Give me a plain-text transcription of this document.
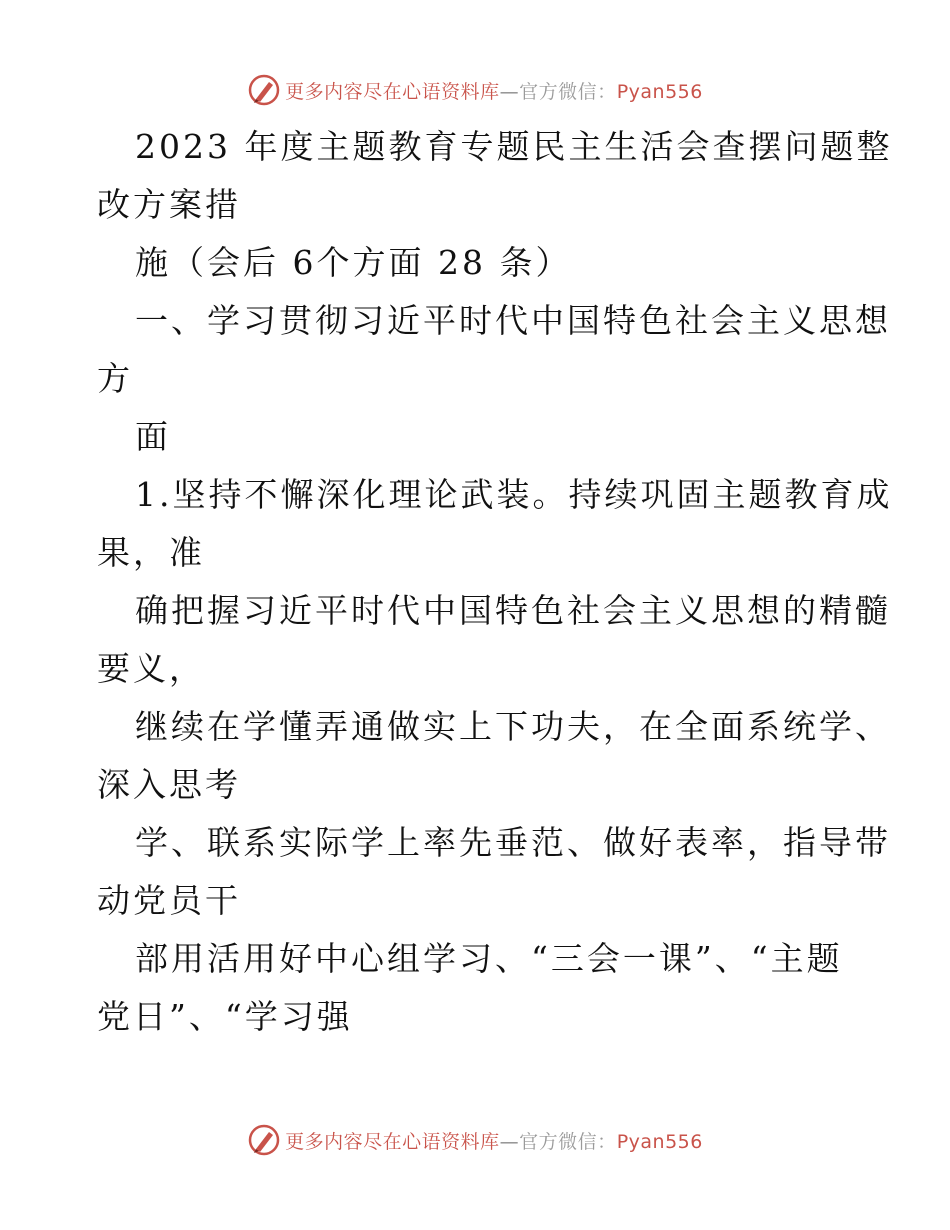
更多内容尽在心语资料库—官方微信：Pyan556
2023 年度主题教育专题民主生活会查摆问题整
改方案措
施（会后 6个方面 28 条）
一、学习贯彻习近平时代中国特色社会主义思想
方
面
1.坚持不懈深化理论武装。持续巩固主题教育成
果，准
确把握习近平时代中国特色社会主义思想的精髓
要义，
继续在学懂弄通做实上下功夫，在全面系统学、
深入思考
学、联系实际学上率先垂范、做好表率，指导带
动党员干
部用活用好中心组学习、“三会一课”、“主题
党日”、“学习强
更多内容尽在心语资料库—官方微信：Pyan556
